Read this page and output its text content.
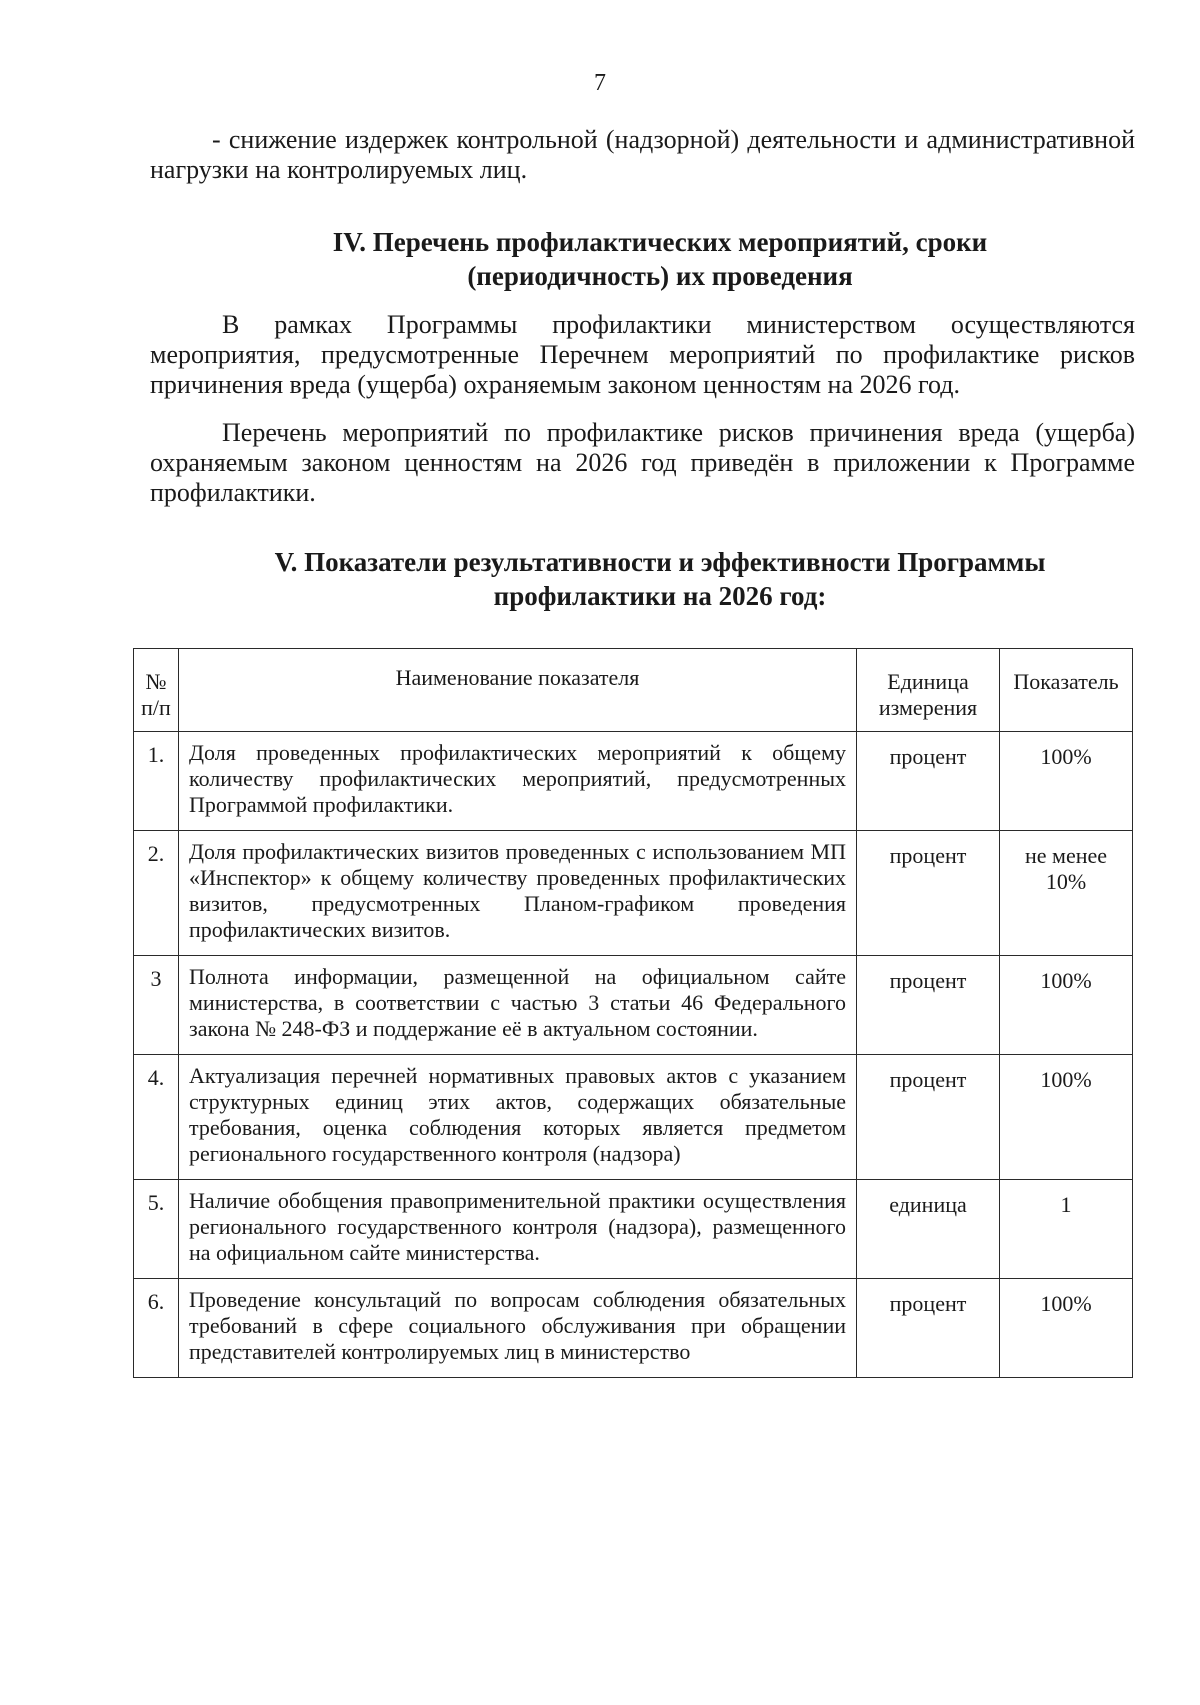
7

- снижение издержек контрольной (надзорной) деятельности и административной нагрузки на контролируемых лиц.

IV. Перечень профилактических мероприятий, сроки (периодичность) их проведения

В рамках Программы профилактики министерством осуществляются мероприятия, предусмотренные Перечнем мероприятий по профилактике рисков причинения вреда (ущерба) охраняемым законом ценностям на 2026 год.

Перечень мероприятий по профилактике рисков причинения вреда (ущерба) охраняемым законом ценностям на 2026 год приведён в приложении к Программе профилактики.

V. Показатели результативности и эффективности Программы профилактики на 2026 год:
№ п/п	Наименование показателя	Единица измерения	Показатель
1.	Доля проведенных профилактических мероприятий к общему количеству профилактических мероприятий, предусмотренных Программой профилактики.	процент	100%
2.	Доля профилактических визитов проведенных с использованием МП «Инспектор» к общему количеству проведенных профилактических визитов, предусмотренных Планом-графиком проведения профилактических визитов.	процент	не менее 10%
3	Полнота информации, размещенной на официальном сайте министерства, в соответствии с частью 3 статьи 46 Федерального закона № 248-ФЗ и поддержание её в актуальном состоянии.	процент	100%
4.	Актуализация перечней нормативных правовых актов с указанием структурных единиц этих актов, содержащих обязательные требования, оценка соблюдения которых является предметом регионального государственного контроля (надзора)	процент	100%
5.	Наличие обобщения правоприменительной практики осуществления регионального государственного контроля (надзора), размещенного на официальном сайте министерства.	единица	1
6.	Проведение консультаций по вопросам соблюдения обязательных требований в сфере социального обслуживания при обращении представителей контролируемых лиц в министерство	процент	100%
